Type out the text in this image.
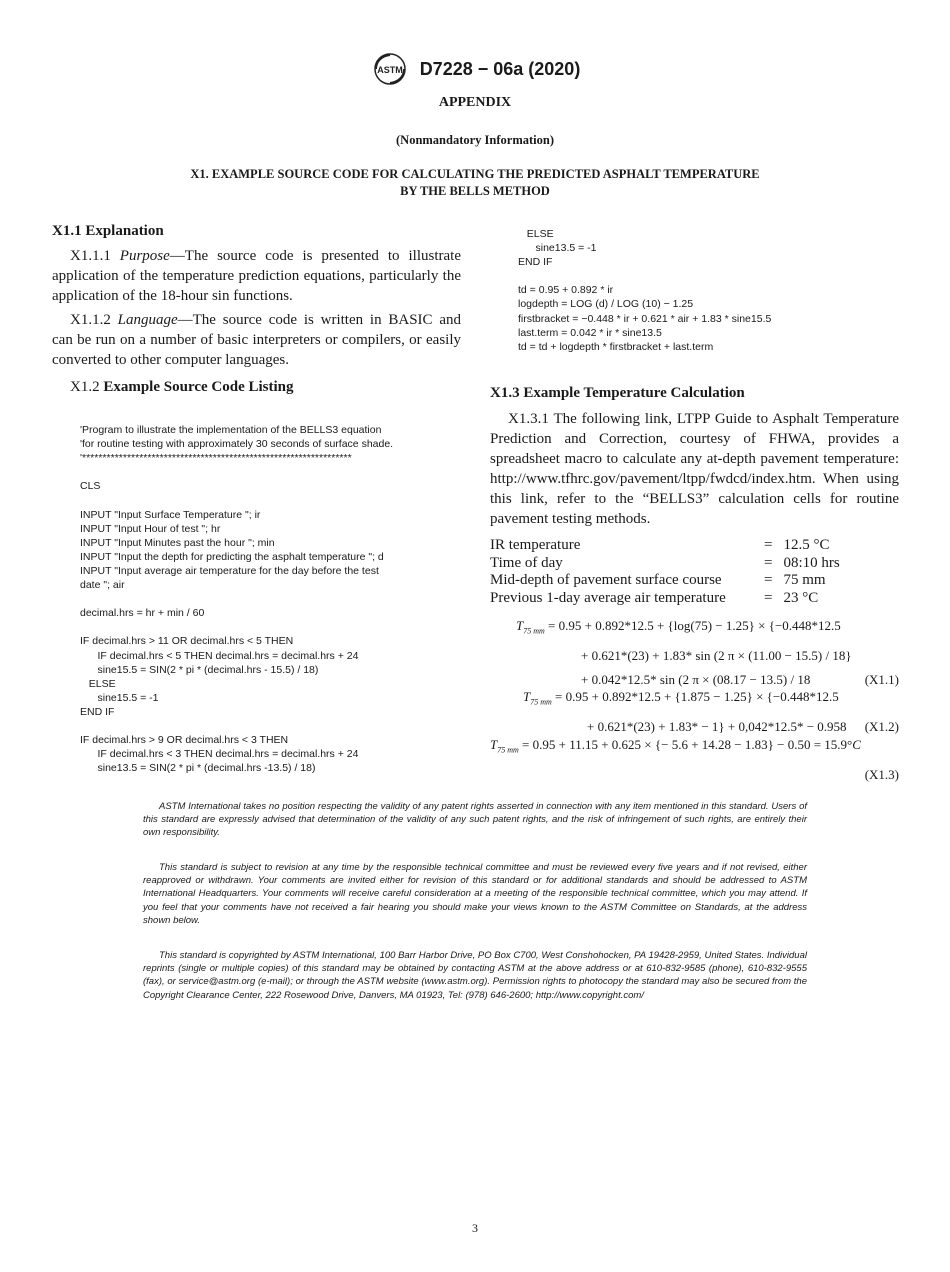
ASTM D7228 − 06a (2020)
APPENDIX
(Nonmandatory Information)
X1. EXAMPLE SOURCE CODE FOR CALCULATING THE PREDICTED ASPHALT TEMPERATURE
BY THE BELLS METHOD
X1.1 Explanation

X1.1.1 Purpose—The source code is presented to illustrate application of the temperature prediction equations, particularly the application of the 18-hour sin functions.

X1.1.2 Language—The source code is written in BASIC and can be run on a number of basic interpreters or compilers, or easily converted to other computer languages.

X1.2 Example Source Code Listing
'Program to illustrate the implementation of the BELLS3 equation
'for routine testing with approximately 30 seconds of surface shade.
'******************************************************************
CLS
INPUT "Input Surface Temperature "; ir
INPUT "Input Hour of test "; hr
INPUT "Input Minutes past the hour "; min
INPUT "Input the depth for predicting the asphalt temperature "; d
INPUT "Input average air temperature for the day before the test
date "; air
decimal.hrs = hr + min / 60
IF decimal.hrs > 11 OR decimal.hrs < 5 THEN
IF decimal.hrs < 5 THEN decimal.hrs = decimal.hrs + 24
sine15.5 = SIN(2 * pi * (decimal.hrs - 15.5) / 18)
ELSE
sine15.5 = -1
END IF
IF decimal.hrs > 9 OR decimal.hrs < 3 THEN
IF decimal.hrs < 3 THEN decimal.hrs = decimal.hrs + 24
sine13.5 = SIN(2 * pi * (decimal.hrs -13.5) / 18)
ELSE
sine13.5 = -1
END IF
td = 0.95 + 0.892 * ir
logdepth = LOG (d) / LOG (10) − 1.25
firstbracket = −0.448 * ir + 0.621 * air + 1.83 * sine15.5
last.term = 0.042 * ir * sine13.5
td = td + logdepth * firstbracket + last.term
X1.3 Example Temperature Calculation

X1.3.1 The following link, LTPP Guide to Asphalt Temperature Prediction and Correction, courtesy of FHWA, provides a spreadsheet macro to calculate any at-depth pavement temperature: http://www.tfhrc.gov/pavement/ltpp/fwdcd/index.htm. When using this link, refer to the “BELLS3” calculation cells for routine pavement testing methods.

IR temperature	=	12.5 °C
Time of day	=	08:10 hrs
Mid-depth of pavement surface course	=	75 mm
Previous 1-day average air temperature	=	23 °C
$T_{75 mm} = 0.95 + 0.892*12.5 + \{\log(75) - 1.25\} \times \{-0.448*12.5$
+ 0.621*(23) + 1.83* sin (2 π × (11.00 − 15.5) / 18}
+ 0.042*12.5* sin (2 π × (08.17 − 13.5) / 18	(X1.1)
$T_{75 mm} = 0.95 + 0.892*12.5 + \{1.875 - 1.25\} \times \{-0.448*12.5$
+ 0.621*(23) + 1.83* − 1} + 0,042*12.5* − 0.958 (X1.2)
$T_{75 mm} = 0.95 + 11.15 + 0.625$ × {− 5.6 + 14.28 − 1.83} − 0.50 = 15.9°C
(X1.3)

ASTM International takes no position respecting the validity of any patent rights asserted in connection with any item mentioned in this standard. Users of this standard are expressly advised that determination of the validity of any such patent rights, and the risk of infringement of such rights, are entirely their own responsibility.

This standard is subject to revision at any time by the responsible technical committee and must be reviewed every five years and if not revised, either reapproved or withdrawn. Your comments are invited either for revision of this standard or for additional standards and should be addressed to ASTM International Headquarters. Your comments will receive careful consideration at a meeting of the responsible technical committee, which you may attend. If you feel that your comments have not received a fair hearing you should make your views known to the ASTM Committee on Standards, at the address shown below.

This standard is copyrighted by ASTM International, 100 Barr Harbor Drive, PO Box C700, West Conshohocken, PA 19428-2959, United States. Individual reprints (single or multiple copies) of this standard may be obtained by contacting ASTM at the above address or at 610-832-9585 (phone), 610-832-9555 (fax), or service@astm.org (e-mail); or through the ASTM website (www.astm.org). Permission rights to photocopy the standard may also be secured from the Copyright Clearance Center, 222 Rosewood Drive, Danvers, MA 01923, Tel: (978) 646-2600; http://www.copyright.com/

3
